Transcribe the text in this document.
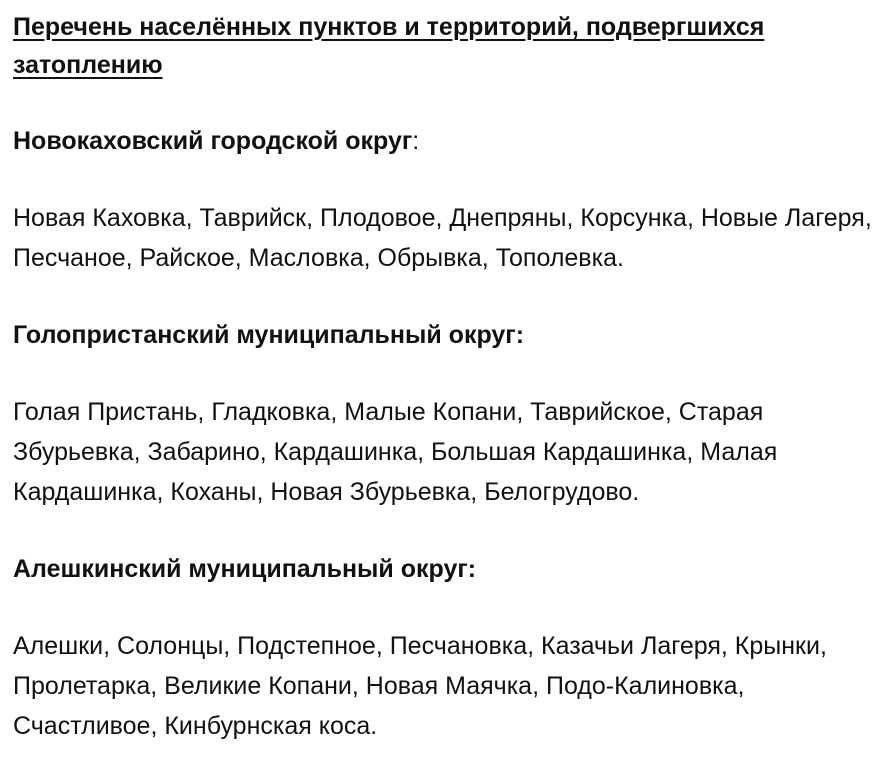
Перечень населённых пунктов и территорий, подвергшихся затоплению

Новокаховский городской округ:

Новая Каховка, Таврийск, Плодовое, Днепряны, Корсунка, Новые Лагеря, Песчаное, Райское, Масловка, Обрывка, Тополевка.

Голопристанский муниципальный округ:

Голая Пристань, Гладковка, Малые Копани, Таврийское, Старая Збурьевка, Забарино, Кардашинка, Большая Кардашинка, Малая Кардашинка, Коханы, Новая Збурьевка, Белогрудово.

Алешкинский муниципальный округ:

Алешки, Солонцы, Подстепное, Песчановка, Казачьи Лагеря, Крынки, Пролетарка, Великие Копани, Новая Маячка, Подо-Калиновка, Счастливое, Кинбурнская коса.
